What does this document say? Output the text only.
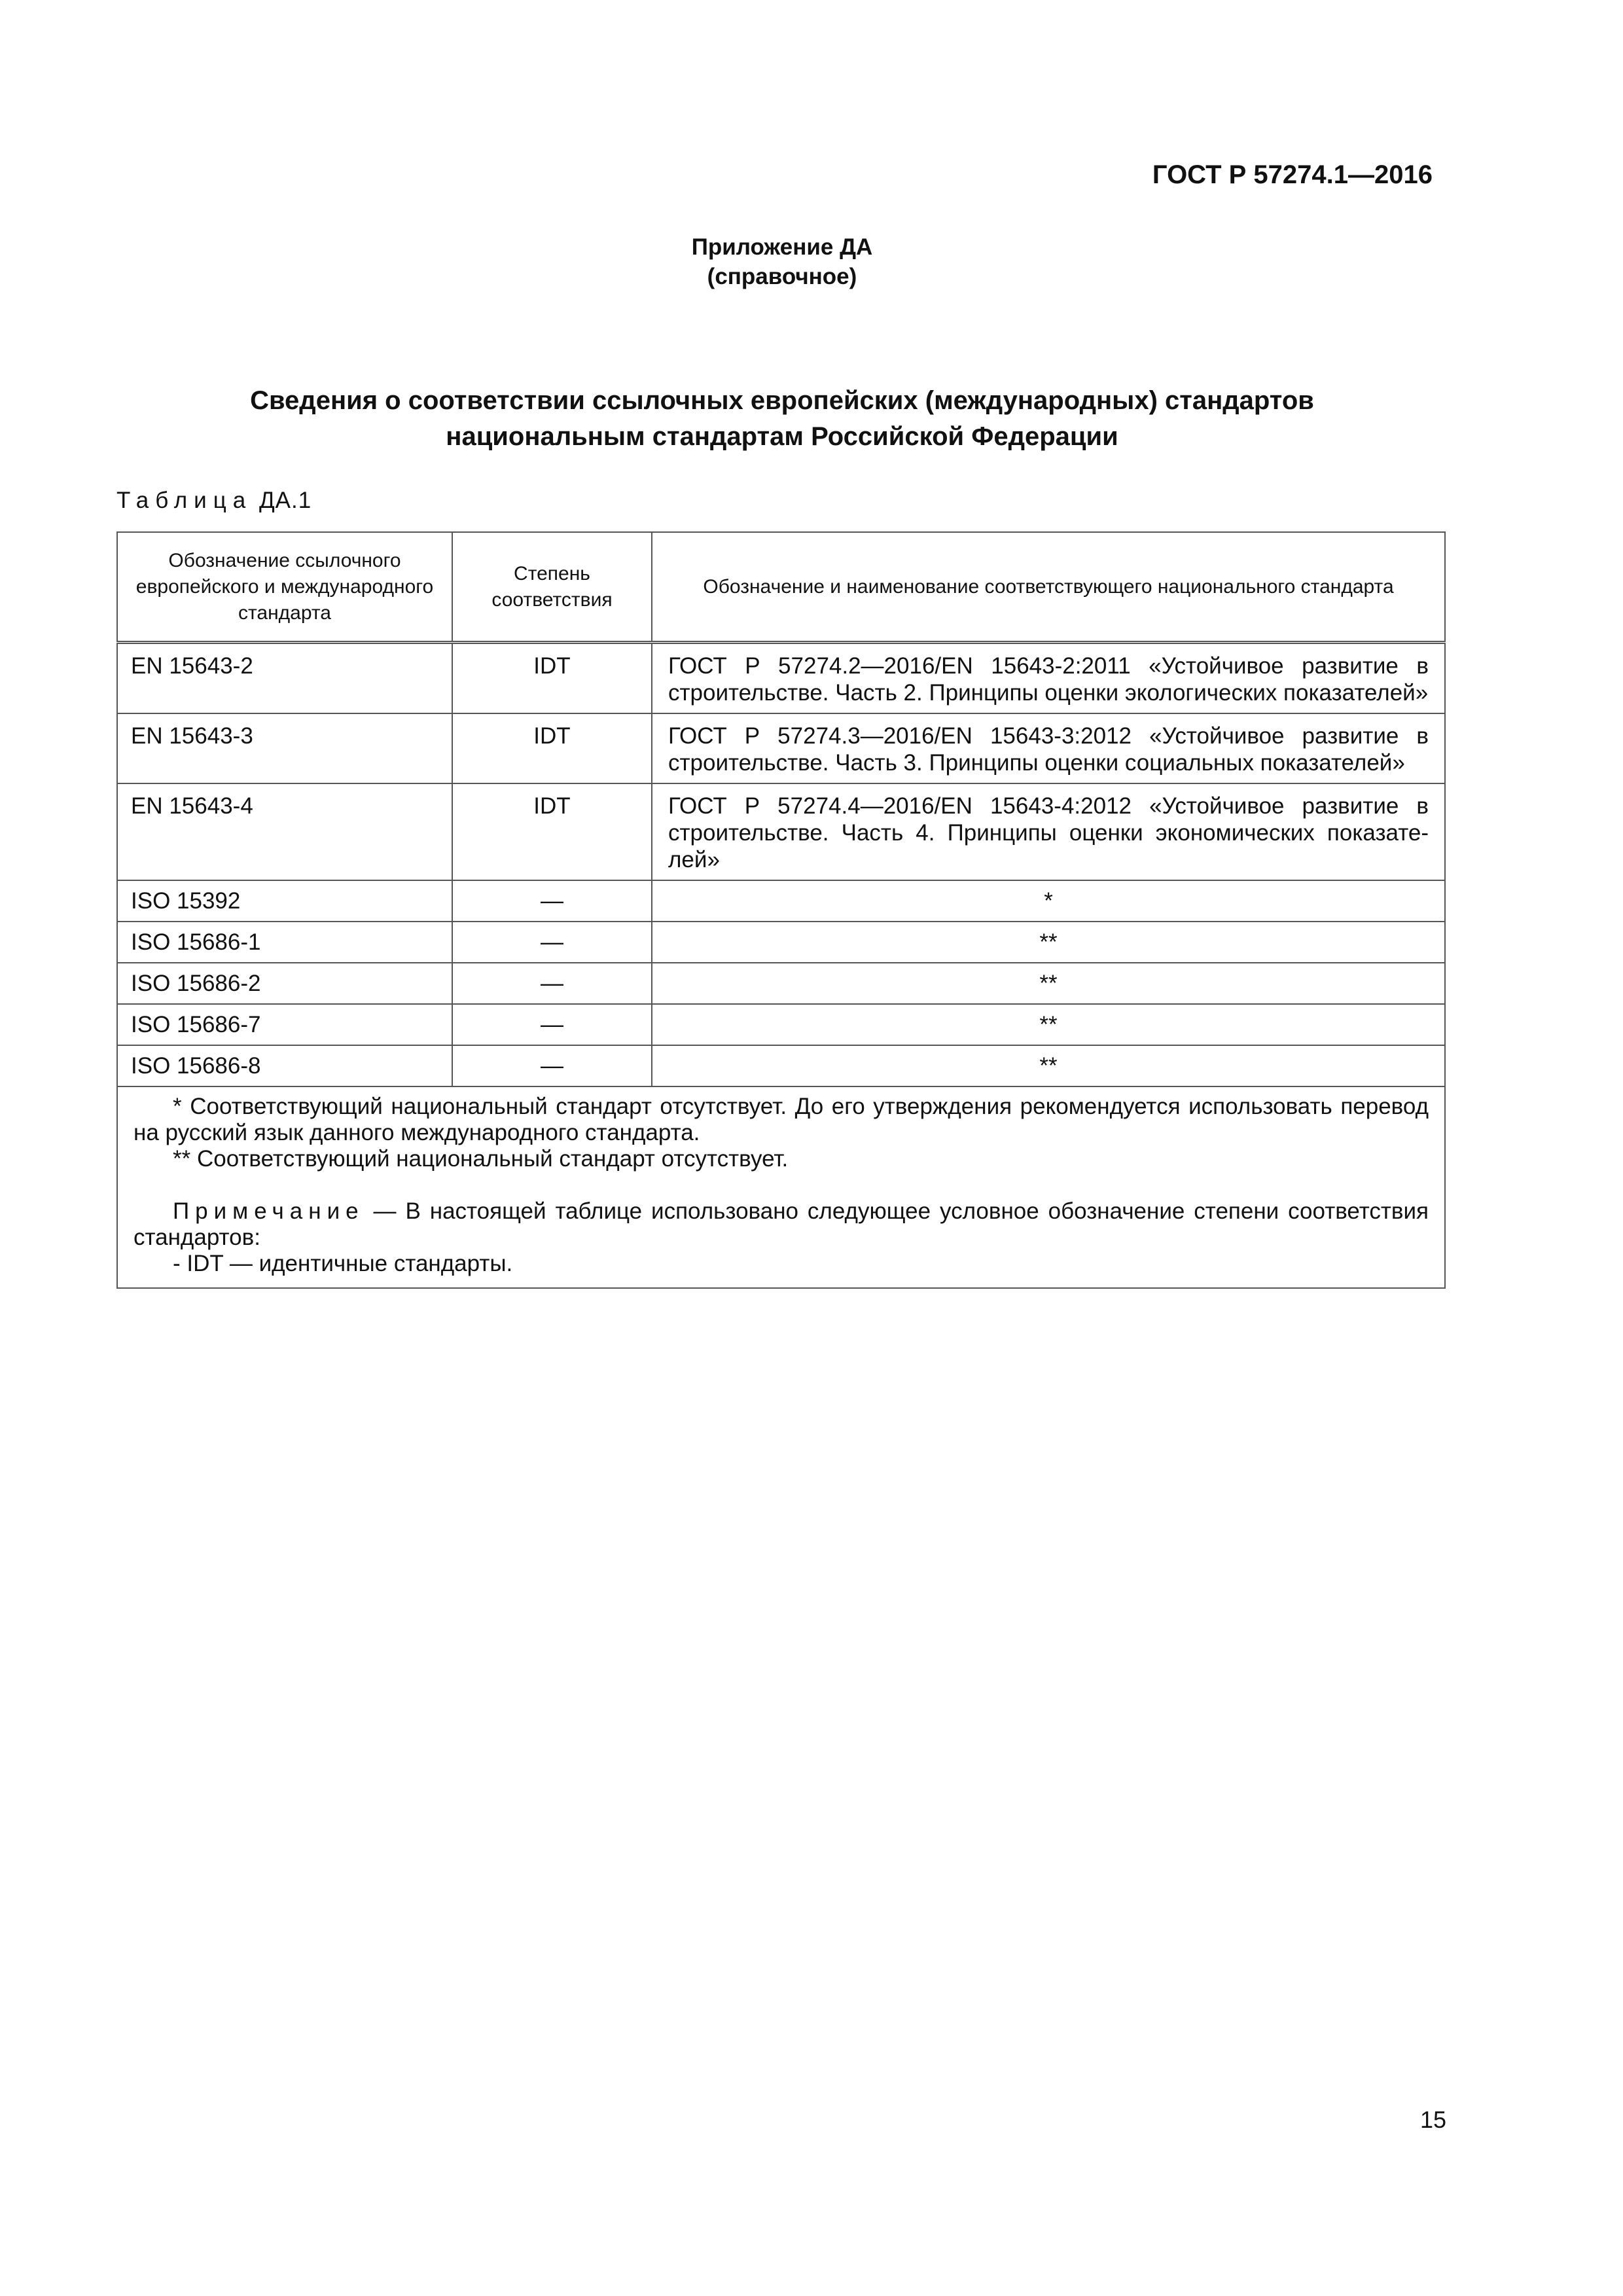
ГОСТ Р 57274.1—2016
Приложение ДА
(справочное)
Сведения о соответствии ссылочных европейских (международных) стандартов
национальным стандартам Российской Федерации
Таблица ДА.1
Обозначение ссылочного европейского и международного стандарта	Степень соответствия	Обозначение и наименование соответствующего национального стандарта
EN 15643-2	IDT	ГОСТ Р 57274.2—2016/EN 15643-2:2011 «Устойчивое развитие в строительстве. Часть 2. Принципы оценки экологических показателей»
EN 15643-3	IDT	ГОСТ Р 57274.3—2016/EN 15643-3:2012 «Устойчивое развитие в строительстве. Часть 3. Принципы оценки социальных показателей»
EN 15643-4	IDT	ГОСТ Р 57274.4—2016/EN 15643-4:2012 «Устойчивое развитие в строительстве. Часть 4. Принципы оценки экономических показателей»
ISO 15392	—	*
ISO 15686-1	—	**
ISO 15686-2	—	**
ISO 15686-7	—	**
ISO 15686-8	—	**

* Соответствующий национальный стандарт отсутствует. До его утверждения рекомендуется использовать перевод на русский язык данного международного стандарта.

** Соответствующий национальный стандарт отсутствует.

Примечание — В настоящей таблице использовано следующее условное обозначение степени соответствия стандартов:

- IDT — идентичные стандарты.		

15
